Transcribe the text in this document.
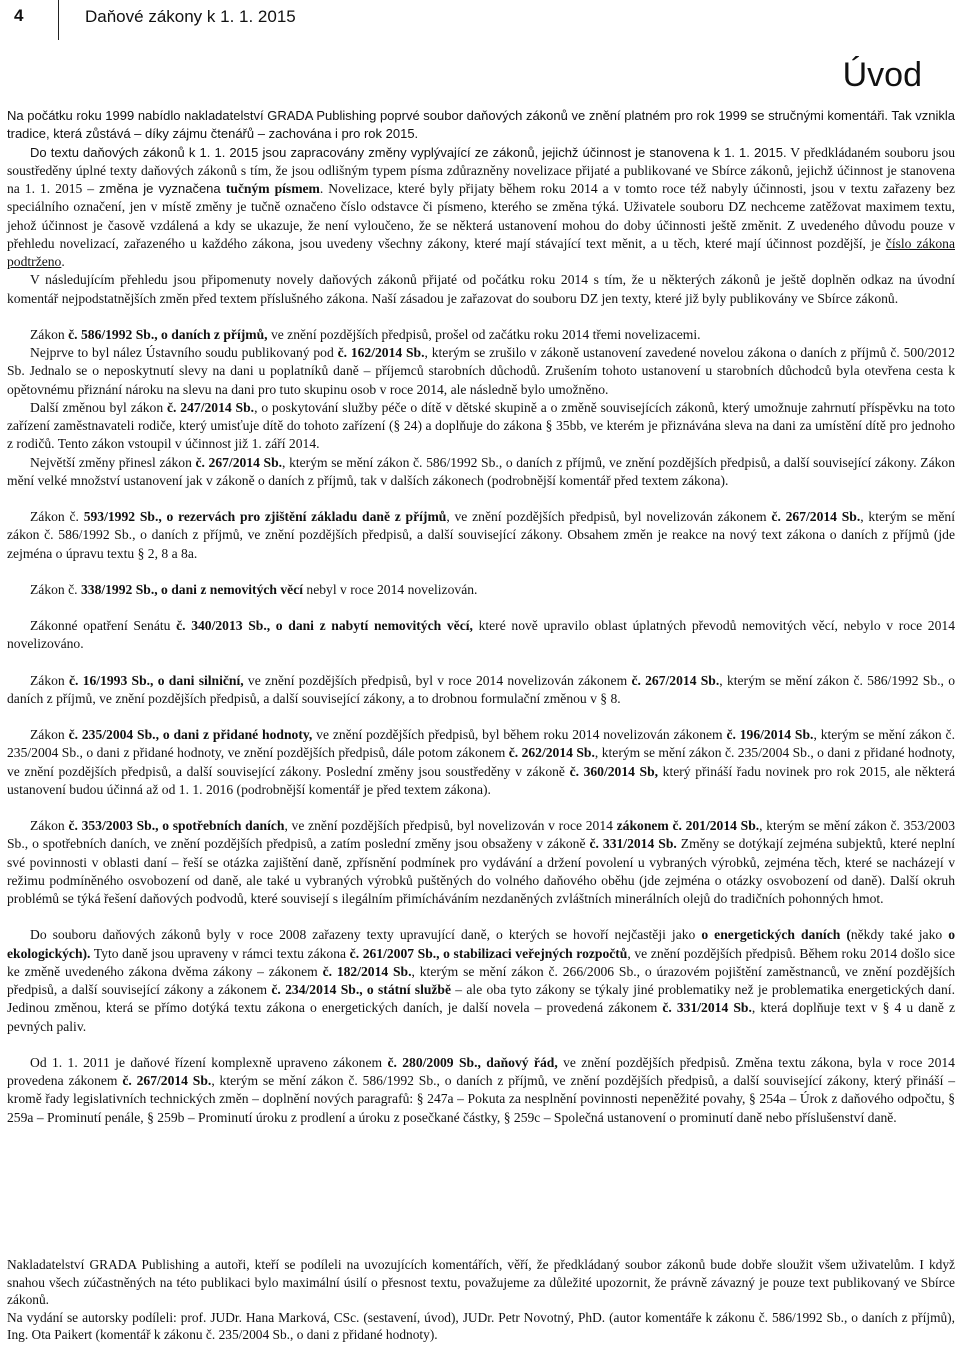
4	Daňové zákony k 1. 1. 2015
Úvod

Na počátku roku 1999 nabídlo nakladatelství GRADA Publishing poprvé soubor daňových zákonů ve znění platném pro rok 1999 se stručnými komentáři. Tak vznikla tradice, která zůstává – díky zájmu čtenářů – zachována i pro rok 2015.

Do textu daňových zákonů k 1. 1. 2015 jsou zapracovány změny vyplývající ze zákonů, jejichž účinnost je stanovena k 1. 1. 2015. V předkládaném souboru jsou soustředěny úplné texty daňových zákonů s tím, že jsou odlišným typem písma zdůrazněny novelizace přijaté a publikované ve Sbírce zákonů, jejichž účinnost je stanovena na 1. 1. 2015 – změna je vyznačena tučným písmem. Novelizace, které byly přijaty během roku 2014 a v tomto roce též nabyly účinnosti, jsou v textu zařazeny bez speciálního označení, jen v místě změny je tučně označeno číslo odstavce či písmeno, kterého se změna týká. Uživatele souboru DZ nechceme zatěžovat maximem textu, jehož účinnost je časově vzdálená a kdy se ukazuje, že není vyloučeno, že se některá ustanovení mohou do doby účinnosti ještě změnit. Z uvedeného důvodu pouze v přehledu novelizací, zařazeného u každého zákona, jsou uvedeny všechny zákony, které mají stávající text měnit, a u těch, které mají účinnost pozdější, je číslo zákona podtrženo.

V následujícím přehledu jsou připomenuty novely daňových zákonů přijaté od počátku roku 2014 s tím, že u některých zákonů je ještě doplněn odkaz na úvodní komentář nejpodstatnějších změn před textem příslušného zákona. Naší zásadou je zařazovat do souboru DZ jen texty, které již byly publikovány ve Sbírce zákonů.

Zákon č. 586/1992 Sb., o daních z příjmů, ve znění pozdějších předpisů, prošel od začátku roku 2014 třemi novelizacemi.

Nejprve to byl nález Ústavního soudu publikovaný pod č. 162/2014 Sb., kterým se zrušilo v zákoně ustanovení zavedené novelou zákona o daních z příjmů č. 500/2012 Sb. Jednalo se o neposkytnutí slevy na dani u poplatníků daně – příjemců starobních důchodů. Zrušením tohoto ustanovení u starobních důchodců byla otevřena cesta k opětovnému přiznání nároku na slevu na dani pro tuto skupinu osob v roce 2014, ale následně bylo umožněno.

Další změnou byl zákon č. 247/2014 Sb., o poskytování služby péče o dítě v dětské skupině a o změně souvisejících zákonů, který umožnuje zahrnutí příspěvku na toto zařízení zaměstnavateli rodiče, který umisťuje dítě do tohoto zařízení (§ 24) a doplňuje do zákona § 35bb, ve kterém je přiznávána sleva na dani za umístění dítě pro jednoho z rodičů. Tento zákon vstoupil v účinnost již 1. září 2014.

Největší změny přinesl zákon č. 267/2014 Sb., kterým se mění zákon č. 586/1992 Sb., o daních z příjmů, ve znění pozdějších předpisů, a další související zákony. Zákon mění velké množství ustanovení jak v zákoně o daních z příjmů, tak v dalších zákonech (podrobnější komentář před textem zákona).

Zákon č. 593/1992 Sb., o rezervách pro zjištění základu daně z příjmů, ve znění pozdějších předpisů, byl novelizován zákonem č. 267/2014 Sb., kterým se mění zákon č. 586/1992 Sb., o daních z příjmů, ve znění pozdějších předpisů, a další související zákony. Obsahem změn je reakce na nový text zákona o daních z příjmů (jde zejména o úpravu textu § 2, 8 a 8a.

Zákon č. 338/1992 Sb., o dani z nemovitých věcí nebyl v roce 2014 novelizován.

Zákonné opatření Senátu č. 340/2013 Sb., o dani z nabytí nemovitých věcí, které nově upravilo oblast úplatných převodů nemovitých věcí, nebylo v roce 2014 novelizováno.

Zákon č. 16/1993 Sb., o dani silniční, ve znění pozdějších předpisů, byl v roce 2014 novelizován zákonem č. 267/2014 Sb., kterým se mění zákon č. 586/1992 Sb., o daních z příjmů, ve znění pozdějších předpisů, a další související zákony, a to drobnou formulační změnou v § 8.

Zákon č. 235/2004 Sb., o dani z přidané hodnoty, ve znění pozdějších předpisů, byl během roku 2014 novelizován zákonem č. 196/2014 Sb., kterým se mění zákon č. 235/2004 Sb., o dani z přidané hodnoty, ve znění pozdějších předpisů, dále potom zákonem č. 262/2014 Sb., kterým se mění zákon č. 235/2004 Sb., o dani z přidané hodnoty, ve znění pozdějších předpisů, a další související zákony. Poslední změny jsou soustředěny v zákoně č. 360/2014 Sb, který přináší řadu novinek pro rok 2015, ale některá ustanovení budou účinná až od 1. 1. 2016 (podrobnější komentář je před textem zákona).

Zákon č. 353/2003 Sb., o spotřebních daních, ve znění pozdějších předpisů, byl novelizován v roce 2014 zákonem č. 201/2014 Sb., kterým se mění zákon č. 353/2003 Sb., o spotřebních daních, ve znění pozdějších předpisů, a zatím poslední změny jsou obsaženy v zákoně č. 331/2014 Sb. Změny se dotýkají zejména subjektů, které neplní své povinnosti v oblasti daní – řeší se otázka zajištění daně, zpřísnění podmínek pro vydávání a držení povolení u vybraných výrobků, zejména těch, které se nacházejí v režimu podmíněného osvobození od daně, ale také u vybraných výrobků puštěných do volného daňového oběhu (jde zejména o otázky osvobození od daně). Další okruh problémů se týká řešení daňových podvodů, které souvisejí s ilegálním přimícháváním nezdaněných zvláštních minerálních olejů do tradičních pohonných hmot.

Do souboru daňových zákonů byly v roce 2008 zařazeny texty upravující daně, o kterých se hovoří nejčastěji jako o energetických daních (někdy také jako o ekologických). Tyto daně jsou upraveny v rámci textu zákona č. 261/2007 Sb., o stabilizaci veřejných rozpočtů, ve znění pozdějších předpisů. Během roku 2014 došlo sice ke změně uvedeného zákona dvěma zákony – zákonem č. 182/2014 Sb., kterým se mění zákon č. 266/2006 Sb., o úrazovém pojištění zaměstnanců, ve znění pozdějších předpisů, a další související zákony a zákonem č. 234/2014 Sb., o státní službě – ale oba tyto zákony se týkaly jiné problematiky než je problematika energetických daní. Jedinou změnou, která se přímo dotýká textu zákona o energetických daních, je další novela – provedená zákonem č. 331/2014 Sb., která doplňuje text v § 4 u daně z pevných paliv.

Od 1. 1. 2011 je daňové řízení komplexně upraveno zákonem č. 280/2009 Sb., daňový řád, ve znění pozdějších předpisů. Změna textu zákona, byla v roce 2014 provedena zákonem č. 267/2014 Sb., kterým se mění zákon č. 586/1992 Sb., o daních z příjmů, ve znění pozdějších předpisů, a další související zákony, který přináší – kromě řady legislativních technických změn – doplnění nových paragrafů: § 247a – Pokuta za nesplnění povinnosti nepeněžité povahy, § 254a – Úrok z daňového odpočtu, § 259a – Prominutí penále, § 259b – Prominutí úroku z prodlení a úroku z posečkané částky, § 259c – Společná ustanovení o prominutí daně nebo příslušenství daně.

Nakladatelství GRADA Publishing a autoři, kteří se podíleli na uvozujících komentářích, věří, že předkládaný soubor zákonů bude dobře sloužit všem uživatelům. I když snahou všech zúčastněných na této publikaci bylo maximální úsilí o přesnost textu, považujeme za důležité upozornit, že právně závazný je pouze text publikovaný ve Sbírce zákonů.

Na vydání se autorsky podíleli: prof. JUDr. Hana Marková, CSc. (sestavení, úvod), JUDr. Petr Novotný, PhD. (autor komentáře k zákonu č. 586/1992 Sb., o daních z příjmů), Ing. Ota Paikert (komentář k zákonu č. 235/2004 Sb., o dani z přidané hodnoty).
